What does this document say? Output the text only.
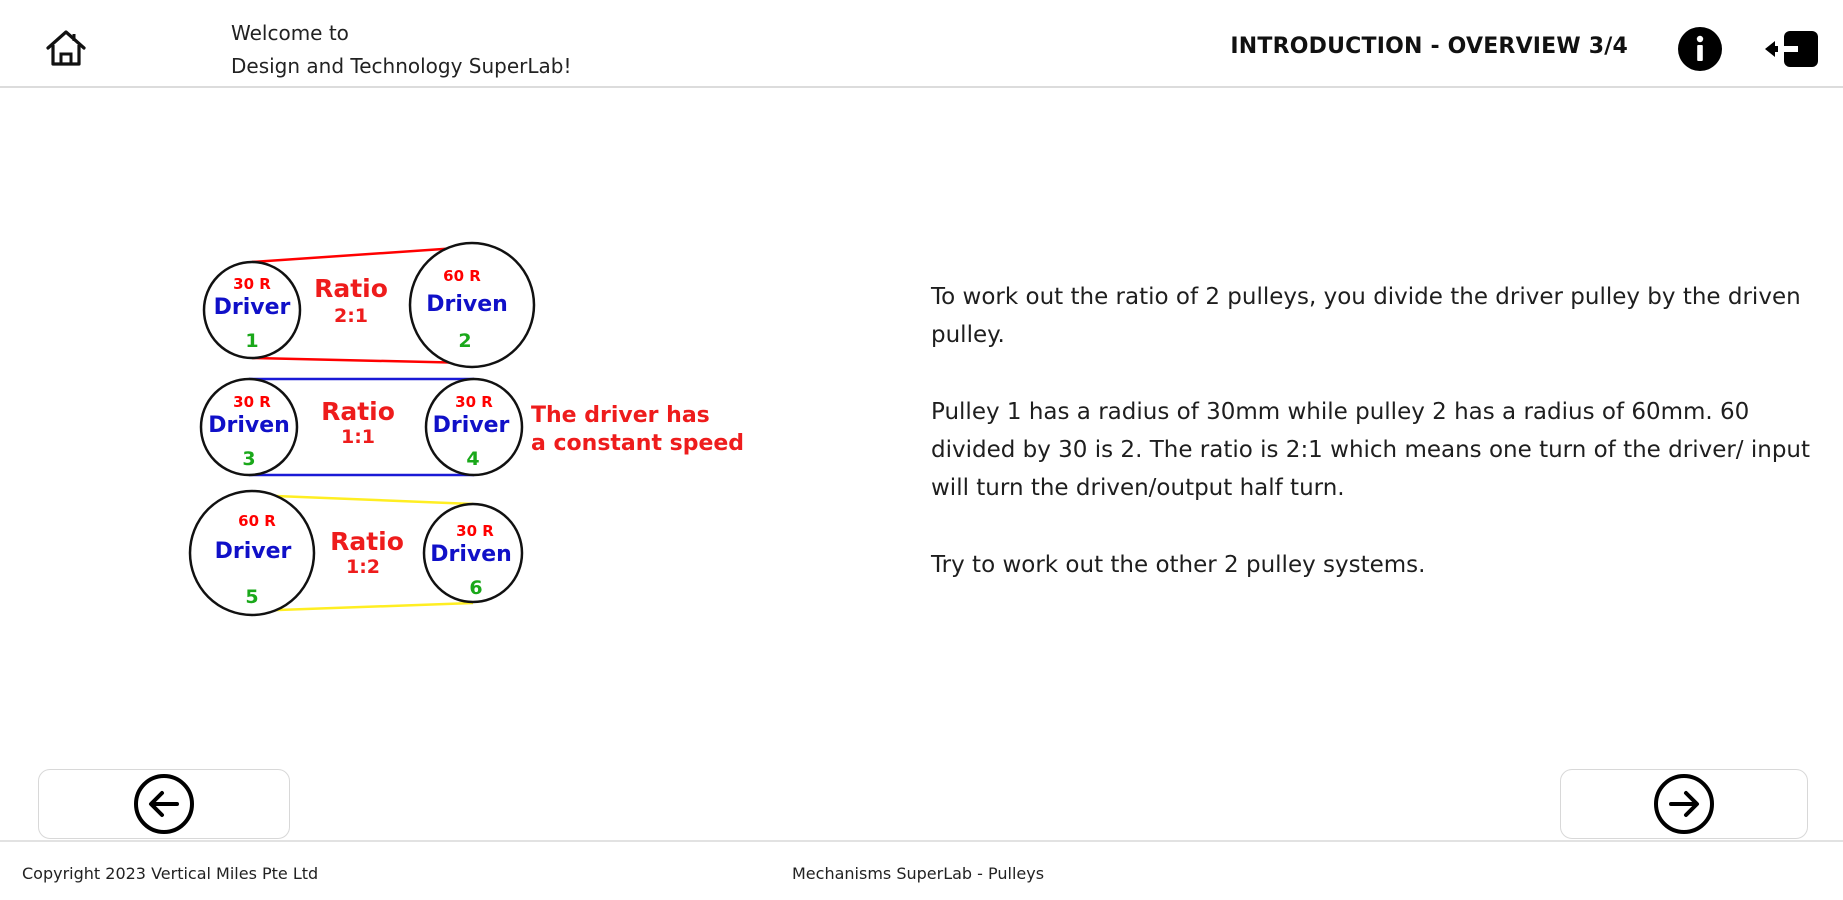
Welcome to
Design and Technology SuperLab!
INTRODUCTION - OVERVIEW 3/4
30 R
Driver
1
Ratio
2:1
60 R
Driven
2
30 R
Driven
3
Ratio
1:1
30 R
Driver
4
The driver has
a constant speed
60 R
Driver
5
Ratio
1:2
30 R
Driven
6

To work out the ratio of 2 pulleys, you divide the driver pulley by the driven pulley.

Pulley 1 has a radius of 30mm while pulley 2 has a radius of 60mm. 60 divided by 30 is 2. The ratio is 2:1 which means one turn of the driver/ input will turn the driven/output half turn.

Try to work out the other 2 pulley systems.

Copyright 2023 Vertical Miles Pte Ltd	Mechanisms SuperLab - Pulleys
